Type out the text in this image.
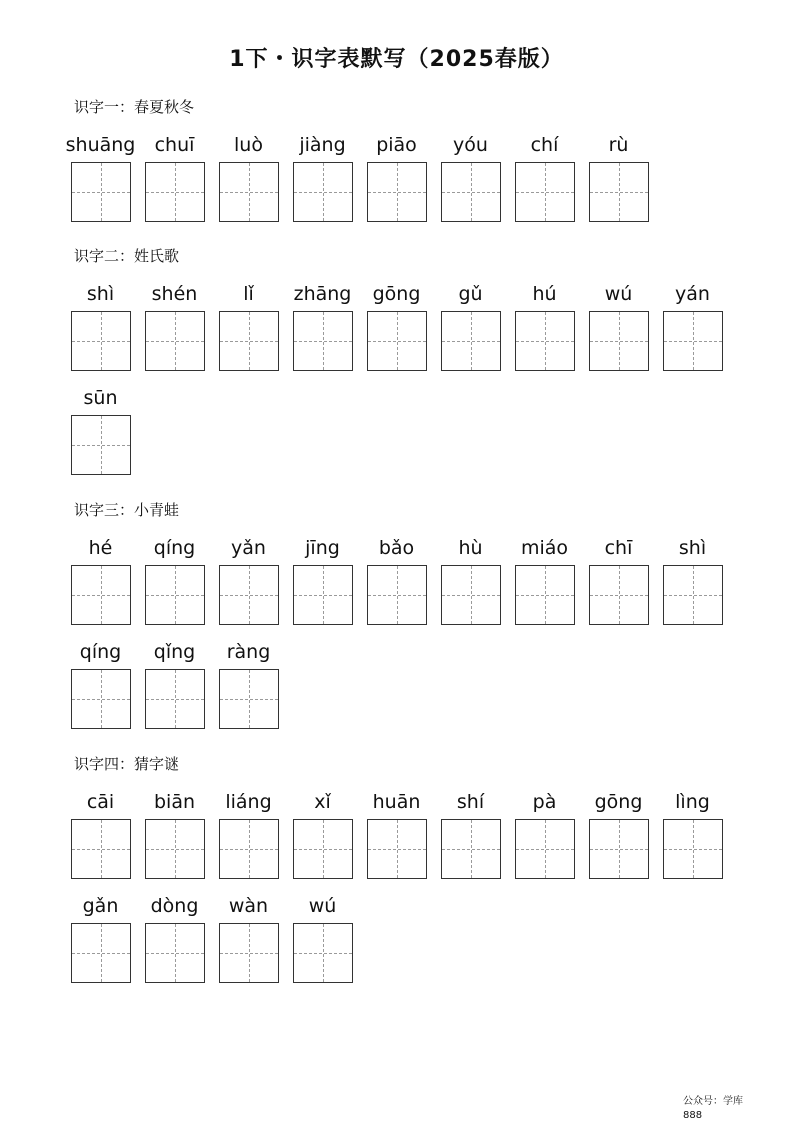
1下・识字表默写（2025春版）
识字一：春夏秋冬
shuāng chuī luò jiàng piāo yóu chí	rù
识字二：姓氏歌
shì shén lǐ zhāng gōng gǔ	hú	wú yán
sūn
识字三：小青蛙
hé qíng yǎn jīng bǎo hù miáo chī shì
qíng qǐng ràng
识字四：猜字谜
cāi biān liáng xǐ huān shí	pà gōng lìng
gǎn dòng wàn wú
公众号：学库
888
